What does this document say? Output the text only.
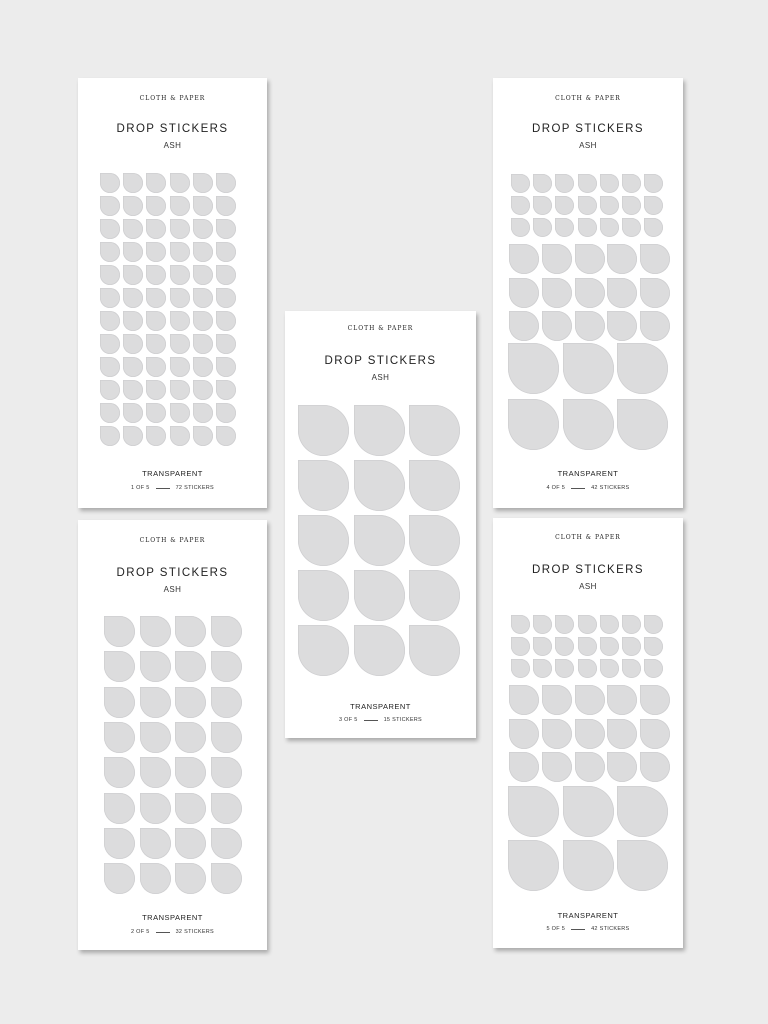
CLOTH & PAPER
DROP STICKERS
ASH
TRANSPARENT
1 OF 5	72 STICKERS
CLOTH & PAPER
DROP STICKERS
ASH
TRANSPARENT
2 OF 5	32 STICKERS
CLOTH & PAPER
DROP STICKERS
ASH
TRANSPARENT
3 OF 5	15 STICKERS
CLOTH & PAPER
DROP STICKERS
ASH
TRANSPARENT
4 OF 5	42 STICKERS
CLOTH & PAPER
DROP STICKERS
ASH
TRANSPARENT
5 OF 5	42 STICKERS
